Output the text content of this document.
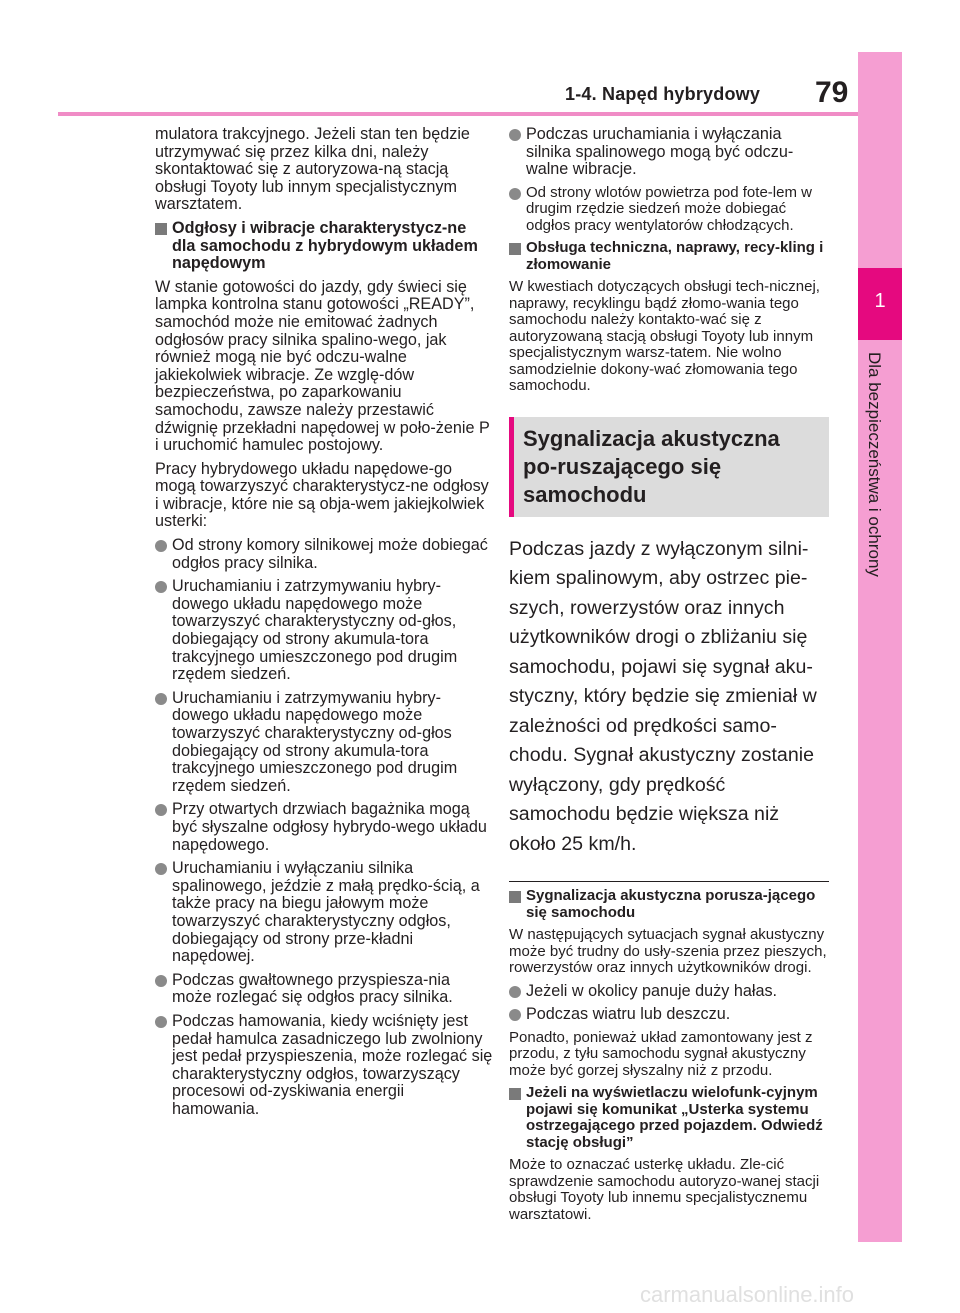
1-4. Napęd hybrydowy 79
1
Dla bezpieczeństwa i ochrony

mulatora trakcyjnego. Jeżeli stan ten będzie utrzymywać się przez kilka dni, należy skontaktować się z autoryzowa-ną stacją obsługi Toyoty lub innym specjalistycznym warsztatem.

Odgłosy i wibracje charakterystycz-ne dla samochodu z hybrydowym układem napędowym

W stanie gotowości do jazdy, gdy świeci się lampka kontrolna stanu gotowości „READY”, samochód może nie emitować żadnych odgłosów pracy silnika spalino-wego, jak również mogą nie być odczu-walne jakiekolwiek wibracje. Ze wzglę-dów bezpieczeństwa, po zaparkowaniu samochodu, zawsze należy przestawić dźwignię przekładni napędowej w poło-żenie P i uruchomić hamulec postojowy.

Pracy hybrydowego układu napędowe-go mogą towarzyszyć charakterystycz-ne odgłosy i wibracje, które nie są obja-wem jakiejkolwiek usterki:

Od strony komory silnikowej może dobiegać odgłos pracy silnika.
Uruchamianiu i zatrzymywaniu hybry-dowego układu napędowego może towarzyszyć charakterystyczny od-głos, dobiegający od strony akumula-tora trakcyjnego umieszczonego pod drugim rzędem siedzeń.
Uruchamianiu i zatrzymywaniu hybry-dowego układu napędowego może towarzyszyć charakterystyczny od-głos dobiegający od strony akumula-tora trakcyjnego umieszczonego pod drugim rzędem siedzeń.
Przy otwartych drzwiach bagażnika mogą być słyszalne odgłosy hybrydo-wego układu napędowego.
Uruchamianiu i wyłączaniu silnika spalinowego, jeździe z małą prędko-ścią, a także pracy na biegu jałowym może towarzyszyć charakterystyczny odgłos, dobiegający od strony prze-kładni napędowej.
Podczas gwałtownego przyspiesza-nia może rozlegać się odgłos pracy silnika.
Podczas hamowania, kiedy wciśnięty jest pedał hamulca zasadniczego lub zwolniony jest pedał przyspieszenia, może rozlegać się charakterystyczny odgłos, towarzyszący procesowi od-zyskiwania energii hamowania.
Podczas uruchamiania i wyłączania silnika spalinowego mogą być odczu-walne wibracje.
Od strony wlotów powietrza pod fote-lem w drugim rzędzie siedzeń może dobiegać odgłos pracy wentylatorów chłodzących.
Obsługa techniczna, naprawy, recy-kling i złomowanie

W kwestiach dotyczących obsługi tech-nicznej, naprawy, recyklingu bądź złomo-wania tego samochodu należy kontakto-wać się z autoryzowaną stacją obsługi Toyoty lub innym specjalistycznym warsz-tatem. Nie wolno samodzielnie dokony-wać złomowania tego samochodu.

Sygnalizacja akustyczna po-ruszającego się samochodu

Podczas jazdy z wyłączonym silni-kiem spalinowym, aby ostrzec pie-szych, rowerzystów oraz innych użytkowników drogi o zbliżaniu się samochodu, pojawi się sygnał aku-styczny, który będzie się zmieniał w zależności od prędkości samo-chodu. Sygnał akustyczny zostanie wyłączony, gdy prędkość samochodu będzie większa niż około 25 km/h.

Sygnalizacja akustyczna porusza-jącego się samochodu

W następujących sytuacjach sygnał akustyczny może być trudny do usły-szenia przez pieszych, rowerzystów oraz innych użytkowników drogi.

Jeżeli w okolicy panuje duży hałas.
Podczas wiatru lub deszczu.

Ponadto, ponieważ układ zamontowany jest z przodu, z tyłu samochodu sygnał akustyczny może być gorzej słyszalny niż z przodu.

Jeżeli na wyświetlaczu wielofunk-cyjnym pojawi się komunikat „Usterka systemu ostrzegającego przed pojazdem. Odwiedź stację obsługi”

Może to oznaczać usterkę układu. Zle-cić sprawdzenie samochodu autoryzo-wanej stacji obsługi Toyoty lub innemu specjalistycznemu warsztatowi.

carmanualsonline.info
